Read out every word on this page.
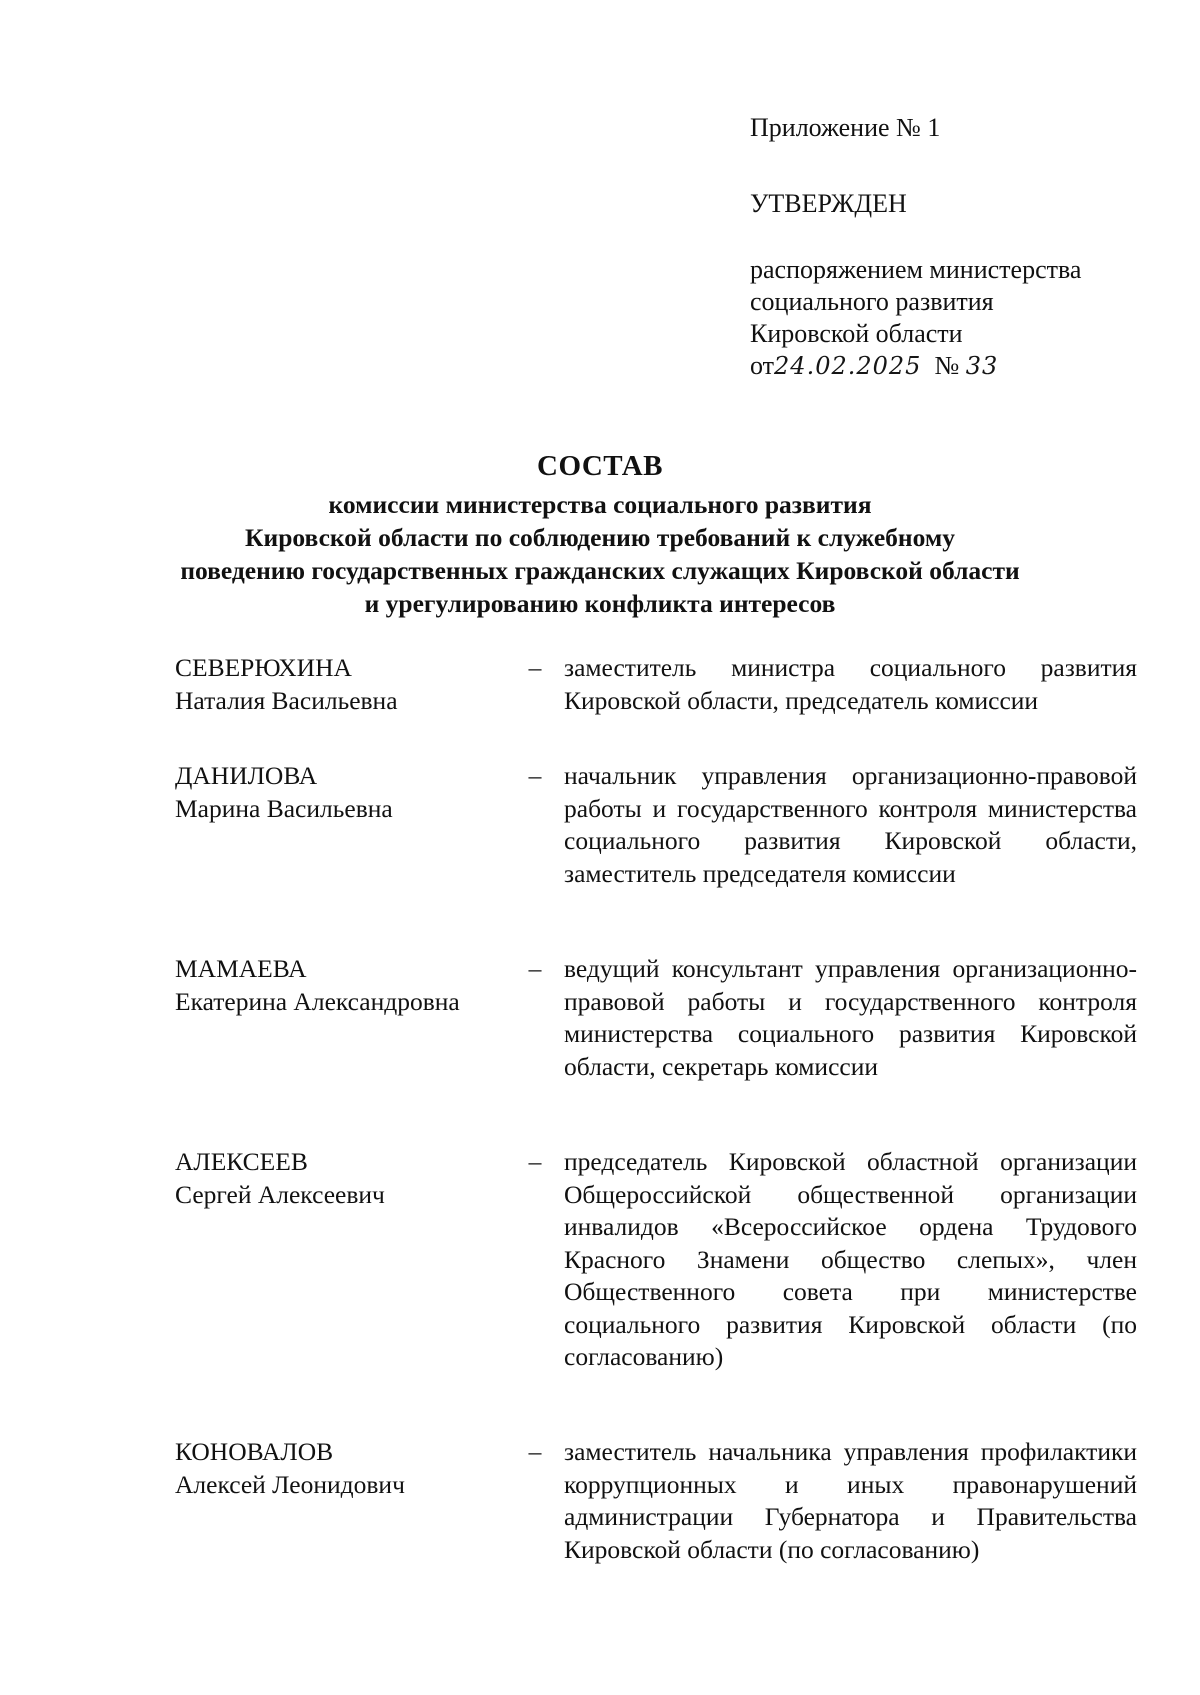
Приложение № 1
УТВЕРЖДЕН
распоряжением министерства
социального развития
Кировской области
от24.02.2025 № 33
СОСТАВ
комиссии министерства социального развития
Кировской области по соблюдению требований к служебному
поведению государственных гражданских служащих Кировской области
и урегулированию конфликта интересов
СЕВЕРЮХИНА
Наталия Васильевна
– заместитель министра социального развития Кировской области, председатель комиссии
ДАНИЛОВА
Марина Васильевна
– начальник управления организационно-правовой работы и государственного контроля министерства социального развития Кировской области, заместитель председателя комиссии
МАМАЕВА
Екатерина Александровна
– ведущий консультант управления организационно-правовой работы и государственного контроля министерства социального развития Кировской области, секретарь комиссии
АЛЕКСЕЕВ
Сергей Алексеевич
– председатель Кировской областной организации Общероссийской общественной организации инвалидов «Всероссийское ордена Трудового Красного Знамени общество слепых», член Общественного совета при министерстве социального развития Кировской области (по согласованию)
КОНОВАЛОВ
Алексей Леонидович
– заместитель начальника управления профилактики коррупционных и иных правонарушений администрации Губернатора и Правительства Кировской области (по согласованию)
